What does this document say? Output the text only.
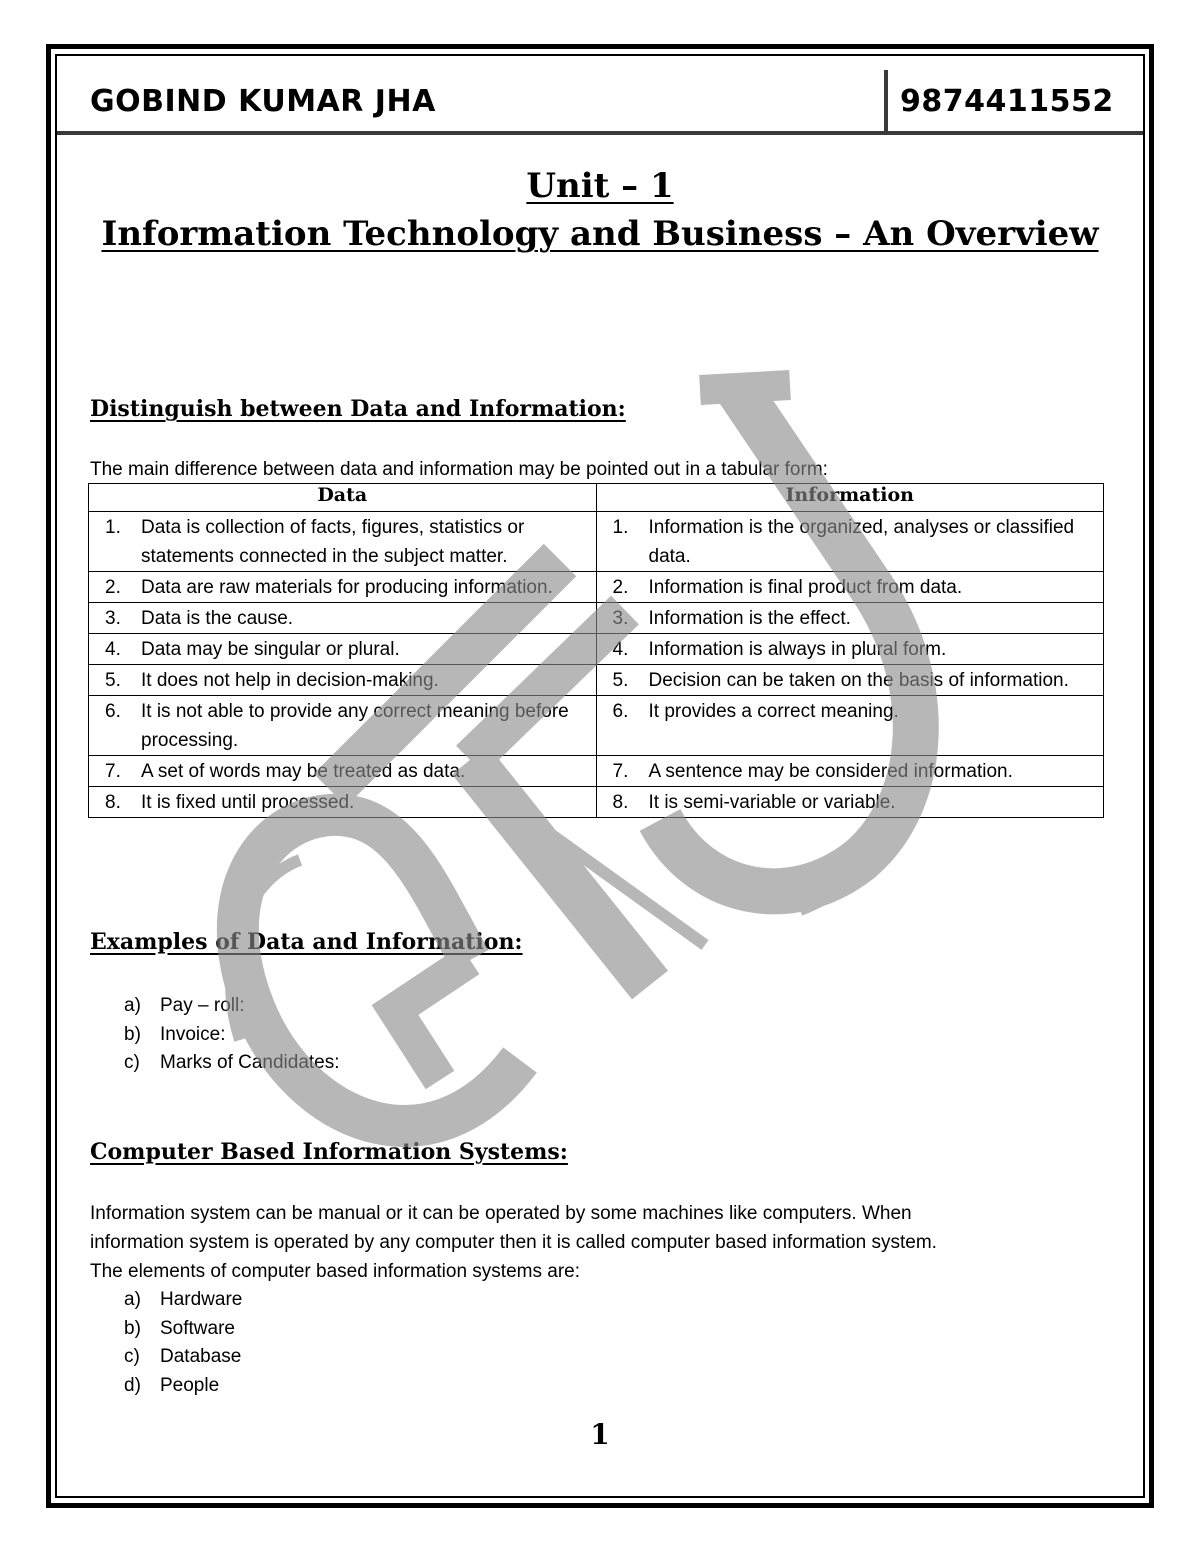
GOBIND KUMAR JHA	9874411552
Unit – 1
Information Technology and Business – An Overview
Distinguish between Data and Information:
The main difference between data and information may be pointed out in a tabular form:
Data	Information

1. Data is collection of facts, figures, statistics or statements connected in the subject matter.	1. Information is the organized, analyses or classified data.

2. Data are raw materials for producing information.	2. Information is final product from data.

3. Data is the cause.	3. Information is the effect.

4. Data may be singular or plural.	4. Information is always in plural form.

5. It does not help in decision-making.	5. Decision can be taken on the basis of information.

6. It is not able to provide any correct meaning before processing.	6. It provides a correct meaning.

7. A set of words may be treated as data.	7. A sentence may be considered information.

8. It is fixed until processed.	8. It is semi-variable or variable.
Examples of Data and Information:
a)	Pay – roll:
b)	Invoice:
c)	Marks of Candidates:
Computer Based Information Systems:
Information system can be manual or it can be operated by some machines like computers. When
information system is operated by any computer then it is called computer based information system.
The elements of computer based information systems are:
a)	Hardware
b)	Software
c)	Database
d)	People
1
